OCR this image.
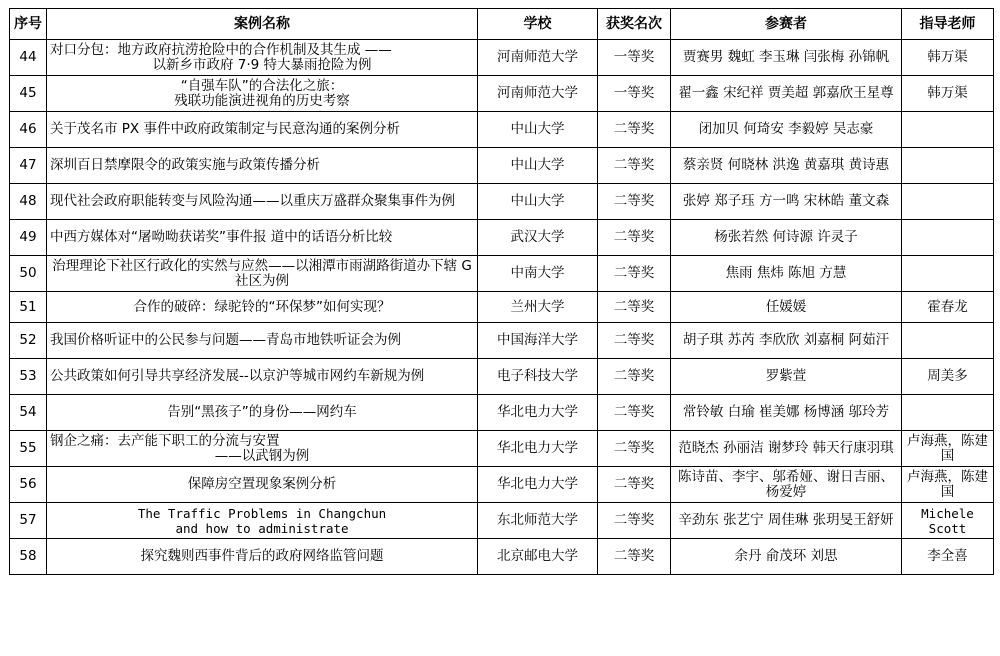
序号	案例名称	学校	获奖名次	参赛者	指导老师
44	对口分包：地方政府抗涝抢险中的合作机制及其生成 ——
以新乡市政府 7·9 特大暴雨抢险为例	河南师范大学	一等奖	贾赛男 魏虹 李玉琳 闫张梅 孙锦帆	韩万渠
45	“自强车队”的合法化之旅：
残联功能演进视角的历史考察	河南师范大学	一等奖	翟一鑫 宋纪祥 贾美超 郭嘉欣王星尊	韩万渠
46	关于茂名市 PX 事件中政府政策制定与民意沟通的案例分析	中山大学	二等奖	闭加贝 何琦安 李毅婷 吴志豪	
47	深圳百日禁摩限令的政策实施与政策传播分析	中山大学	二等奖	蔡亲贤 何晓林 洪逸 黄嘉琪 黄诗惠	
48	现代社会政府职能转变与风险沟通——以重庆万盛群众聚集事件为例	中山大学	二等奖	张婷 郑子珏 方一鸣 宋林皓 董文森	
49	中西方媒体对“屠呦呦获诺奖”事件报 道中的话语分析比较	武汉大学	二等奖	杨张若然 何诗源 许灵子	
50	治理理论下社区行政化的实然与应然——以湘潭市雨湖路街道办下辖 G 社区为例	中南大学	二等奖	焦雨 焦炜 陈旭 方慧	
51	合作的破碎：绿驼铃的“环保梦”如何实现？	兰州大学	二等奖	任媛媛	霍春龙
52	我国价格听证中的公民参与问题——青岛市地铁听证会为例	中国海洋大学	二等奖	胡子琪 苏芮 李欣欣 刘嘉桐 阿茹汗	
53	公共政策如何引导共享经济发展--以京沪等城市网约车新规为例	电子科技大学	二等奖	罗紫萱	周美多
54	告别“黑孩子”的身份——网约车	华北电力大学	二等奖	常铃敏 白瑜 崔美娜 杨博涵 邬玲芳	
55	钢企之痛：去产能下职工的分流与安置
——以武钢为例	华北电力大学	二等奖	范晓杰 孙丽洁 谢梦玲 韩天行康羽琪	卢海燕，陈建国
56	保障房空置现象案例分析	华北电力大学	二等奖	陈诗苗、李宇、邬希娅、谢日吉丽、杨爱婷	卢海燕，陈建国
57	The Traffic Problems in Changchun
and how to administrate	东北师范大学	二等奖	辛劲东 张艺宁 周佳琳 张玥旻王舒妍	Michele Scott
58	探究魏则西事件背后的政府网络监管问题	北京邮电大学	二等奖	余丹 俞茂环 刘思	李全喜
